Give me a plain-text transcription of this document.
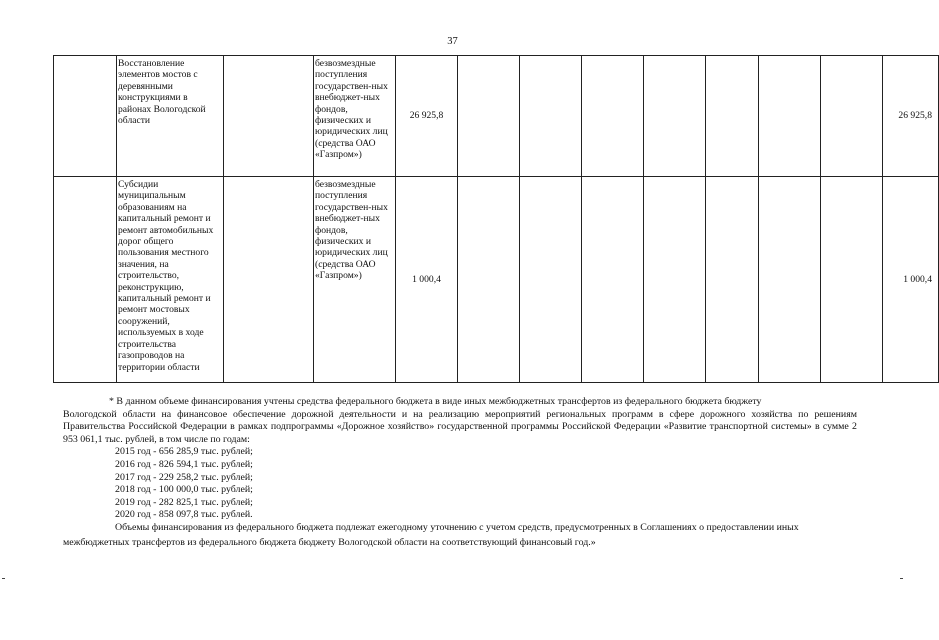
37

	Восстановление элементов мостов с деревянными конструкциями в районах Вологодской области		безвозмездные поступления государствен-ных внебюджет-ных фондов, физических и юридических лиц (средства ОАО «Газпром»)	26 925,8								26 925,8

	Субсидии муниципальным образованиям на капитальный ремонт и ремонт автомобильных дорог общего пользования местного значения, на строительство, реконструкцию, капитальный ремонт и ремонт мостовых сооружений, используемых в ходе строительства газопроводов на территории области		безвозмездные поступления государствен-ных внебюджет-ных фондов, физических и юридических лиц (средства ОАО «Газпром»)	1 000,4								1 000,4

* В данном объеме финансирования учтены средства федерального бюджета в виде иных межбюджетных трансфертов из федерального бюджета бюджету

Вологодской области на финансовое обеспечение дорожной деятельности и на реализацию мероприятий региональных программ в сфере дорожного хозяйства по решениям Правительства Российской Федерации в рамках подпрограммы «Дорожное хозяйство» государственной программы Российской Федерации «Развитие транспортной системы» в сумме 2 953 061,1 тыс. рублей, в том числе по годам:

2015 год - 656 285,9 тыс. рублей;
2016 год - 826 594,1 тыс. рублей;
2017 год - 229 258,2 тыс. рублей;
2018 год - 100 000,0 тыс. рублей;
2019 год - 282 825,1 тыс. рублей;
2020 год - 858 097,8 тыс. рублей.

Объемы финансирования из федерального бюджета подлежат ежегодному уточнению с учетом средств, предусмотренных в Соглашениях о предоставлении иных

межбюджетных трансфертов из федерального бюджета бюджету Вологодской области на соответствующий финансовый год.»
